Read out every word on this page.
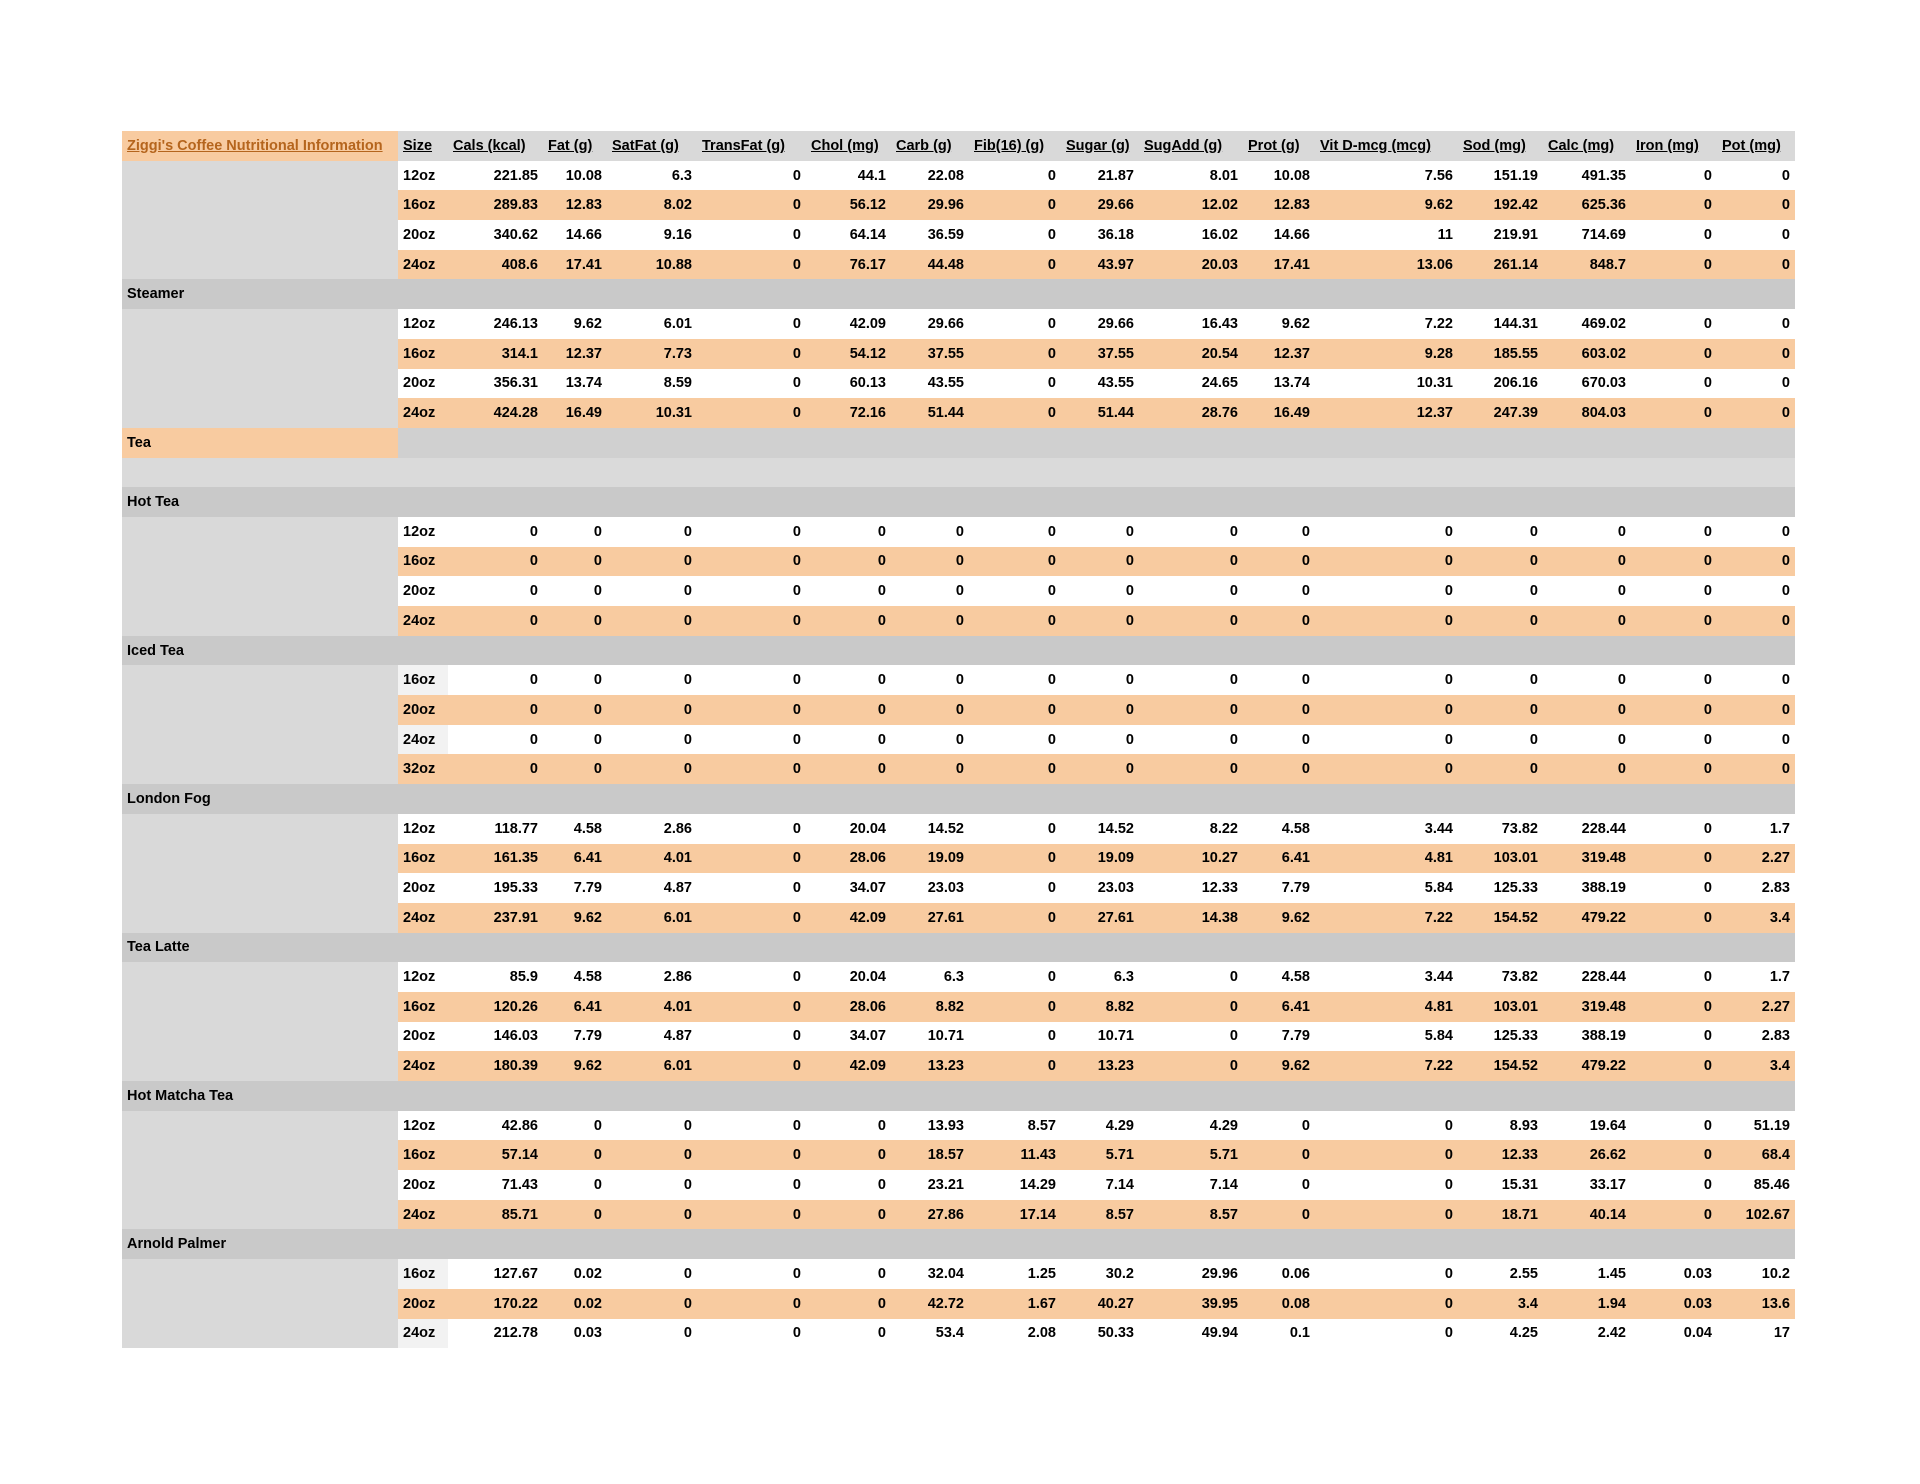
Ziggi's Coffee Nutritional Information	Size	Cals (kcal)	Fat (g)	SatFat (g)	TransFat (g)	Chol (mg)	Carb (g)	Fib(16) (g)	Sugar (g)	SugAdd (g)	Prot (g)	Vit D-mcg (mcg)	Sod (mg)	Calc (mg)	Iron (mg)	Pot (mg)
	12oz	221.85	10.08	6.3	0	44.1	22.08	0	21.87	8.01	10.08	7.56	151.19	491.35	0	0
	16oz	289.83	12.83	8.02	0	56.12	29.96	0	29.66	12.02	12.83	9.62	192.42	625.36	0	0
	20oz	340.62	14.66	9.16	0	64.14	36.59	0	36.18	16.02	14.66	11	219.91	714.69	0	0
	24oz	408.6	17.41	10.88	0	76.17	44.48	0	43.97	20.03	17.41	13.06	261.14	848.7	0	0
Steamer																
	12oz	246.13	9.62	6.01	0	42.09	29.66	0	29.66	16.43	9.62	7.22	144.31	469.02	0	0
	16oz	314.1	12.37	7.73	0	54.12	37.55	0	37.55	20.54	12.37	9.28	185.55	603.02	0	0
	20oz	356.31	13.74	8.59	0	60.13	43.55	0	43.55	24.65	13.74	10.31	206.16	670.03	0	0
	24oz	424.28	16.49	10.31	0	72.16	51.44	0	51.44	28.76	16.49	12.37	247.39	804.03	0	0
Tea																

Hot Tea																
	12oz	0	0	0	0	0	0	0	0	0	0	0	0	0	0	0
	16oz	0	0	0	0	0	0	0	0	0	0	0	0	0	0	0
	20oz	0	0	0	0	0	0	0	0	0	0	0	0	0	0	0
	24oz	0	0	0	0	0	0	0	0	0	0	0	0	0	0	0
Iced Tea																
	16oz	0	0	0	0	0	0	0	0	0	0	0	0	0	0	0
	20oz	0	0	0	0	0	0	0	0	0	0	0	0	0	0	0
	24oz	0	0	0	0	0	0	0	0	0	0	0	0	0	0	0
	32oz	0	0	0	0	0	0	0	0	0	0	0	0	0	0	0
London Fog																
	12oz	118.77	4.58	2.86	0	20.04	14.52	0	14.52	8.22	4.58	3.44	73.82	228.44	0	1.7
	16oz	161.35	6.41	4.01	0	28.06	19.09	0	19.09	10.27	6.41	4.81	103.01	319.48	0	2.27
	20oz	195.33	7.79	4.87	0	34.07	23.03	0	23.03	12.33	7.79	5.84	125.33	388.19	0	2.83
	24oz	237.91	9.62	6.01	0	42.09	27.61	0	27.61	14.38	9.62	7.22	154.52	479.22	0	3.4
Tea Latte																
	12oz	85.9	4.58	2.86	0	20.04	6.3	0	6.3	0	4.58	3.44	73.82	228.44	0	1.7
	16oz	120.26	6.41	4.01	0	28.06	8.82	0	8.82	0	6.41	4.81	103.01	319.48	0	2.27
	20oz	146.03	7.79	4.87	0	34.07	10.71	0	10.71	0	7.79	5.84	125.33	388.19	0	2.83
	24oz	180.39	9.62	6.01	0	42.09	13.23	0	13.23	0	9.62	7.22	154.52	479.22	0	3.4
Hot Matcha Tea																
	12oz	42.86	0	0	0	0	13.93	8.57	4.29	4.29	0	0	8.93	19.64	0	51.19
	16oz	57.14	0	0	0	0	18.57	11.43	5.71	5.71	0	0	12.33	26.62	0	68.4
	20oz	71.43	0	0	0	0	23.21	14.29	7.14	7.14	0	0	15.31	33.17	0	85.46
	24oz	85.71	0	0	0	0	27.86	17.14	8.57	8.57	0	0	18.71	40.14	0	102.67
Arnold Palmer																
	16oz	127.67	0.02	0	0	0	32.04	1.25	30.2	29.96	0.06	0	2.55	1.45	0.03	10.2
	20oz	170.22	0.02	0	0	0	42.72	1.67	40.27	39.95	0.08	0	3.4	1.94	0.03	13.6
	24oz	212.78	0.03	0	0	0	53.4	2.08	50.33	49.94	0.1	0	4.25	2.42	0.04	17
